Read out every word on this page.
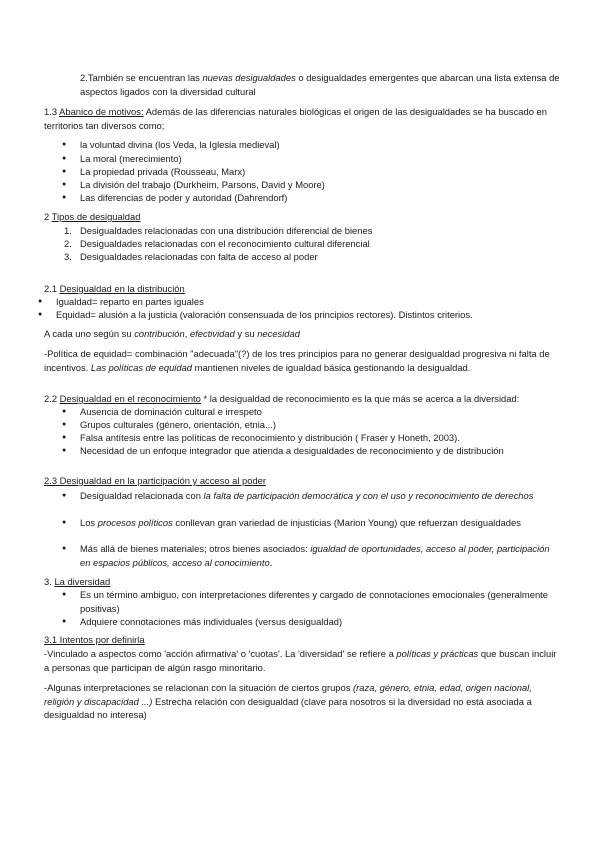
2.También se encuentran las nuevas desigualdades o desigualdades emergentes que abarcan una lista extensa de aspectos ligados con la diversidad cultural
1.3 Abanico de motivos: Además de las diferencias naturales biológicas el origen de las desigualdades se ha buscado en territorios tan diversos como;
● la voluntad divina (los Veda, la Iglesia medieval)
● La moral (merecimiento)
● La propiedad privada (Rousseau, Marx)
● La división del trabajo (Durkheim, Parsons, David y Moore)
● Las diferencias de poder y autoridad (Dahrendorf)
2 Tipos de desigualdad
1. Desigualdades relacionadas con una distribución diferencial de bienes
2. Desigualdades relacionadas con el reconocimiento cultural diferencial
3. Desigualdades relacionadas con falta de acceso al poder
2.1 Desigualdad en la distribución
● Igualdad= reparto en partes iguales
● Equidad= alusión a la justicia (valoración consensuada de los principios rectores). Distintos criterios.
A cada uno según su contribución, efectividad y su necesidad
-Política de equidad= combinación "adecuada"(?) de los tres principios para no generar desigualdad progresiva ni falta de incentivos. Las políticas de equidad mantienen niveles de igualdad básica gestionando la desigualdad.
2.2 Desigualdad en el reconocimiento * la desigualdad de reconocimiento es la que más se acerca a la diversidad:
● Ausencia de dominación cultural e irrespeto
● Grupos culturales (género, orientación, etnia...)
● Falsa antítesis entre las políticas de reconocimiento y distribución ( Fraser y Honeth, 2003).
● Necesidad de un enfoque integrador que atienda a desigualdades de reconocimiento y de distribución
2.3 Desigualdad en la participación y acceso al poder
● Desigualdad relacionada con la falta de participación democrática y con el uso y reconocimiento de derechos
● Los procesos políticos conllevan gran variedad de injusticias (Marion Young) que refuerzan desigualdades
● Más allá de bienes materiales; otros bienes asociados: igualdad de oportunidades, acceso al poder, participación en espacios públicos, acceso al conocimiento.
3. La diversidad
● Es un término ambiguo, con interpretaciones diferentes y cargado de connotaciones emocionales (generalmente positivas)
● Adquiere connotaciones más individuales (versus desigualdad)
3.1 Intentos por definirla
-Vinculado a aspectos como 'acción afirmativa' o 'cuotas'. La 'diversidad' se refiere a políticas y prácticas que buscan incluir a personas que participan de algún rasgo minoritario.
-Algunas interpretaciones se relacionan con la situación de ciertos grupos (raza, género, etnia, edad, origen nacional, religión y discapacidad ...) Estrecha relación con desigualdad (clave para nosotros si la diversidad no está asociada a desigualdad no interesa)
